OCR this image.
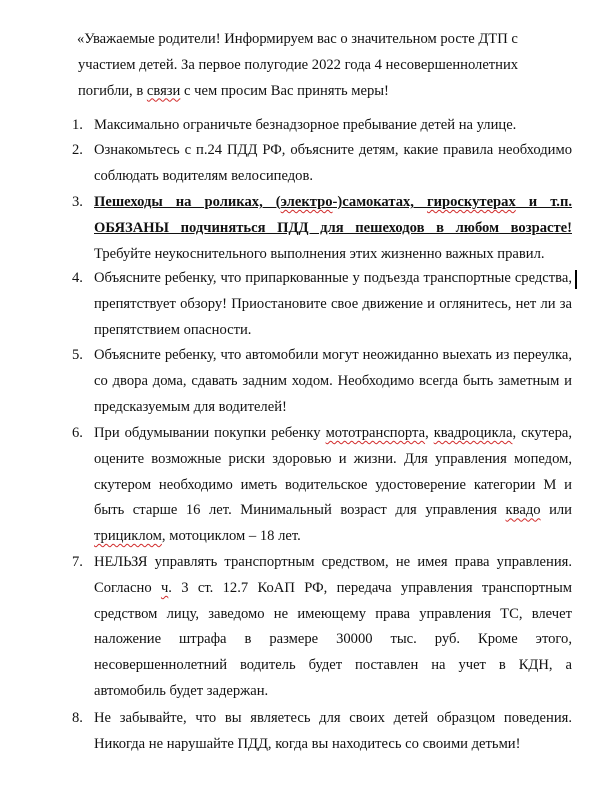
«Уважаемые родители! Информируем вас о значительном росте ДТП с
участием детей. За первое полугодие 2022 года 4 несовершеннолетних
погибли, в связи с чем просим Вас принять меры!
1. Максимально ограничьте безнадзорное пребывание детей на улице.
2. Ознакомьтесь с п.24 ПДД РФ, объясните детям, какие правила необходимо соблюдать водителям велосипедов.
3. Пешеходы на роликах, (электро-)самокатах, гироскутерах и т.п. ОБЯЗАНЫ подчиняться ПДД для пешеходов в любом возрасте! Требуйте неукоснительного выполнения этих жизненно важных правил.
4. Объясните ребенку, что припаркованные у подъезда транспортные средства, препятствует обзору! Приостановите свое движение и оглянитесь, нет ли за препятствием опасности.
5. Объясните ребенку, что автомобили могут неожиданно выехать из переулка, со двора дома, сдавать задним ходом. Необходимо всегда быть заметным и предсказуемым для водителей!
6. При обдумывании покупки ребенку мототранспорта, квадроцикла, скутера, оцените возможные риски здоровью и жизни. Для управления мопедом, скутером необходимо иметь водительское удостоверение категории М и быть старше 16 лет. Минимальный возраст для управления квадо или трициклом, мотоциклом – 18 лет.
7. НЕЛЬЗЯ управлять транспортным средством, не имея права управления. Согласно ч. 3 ст. 12.7 КоАП РФ, передача управления транспортным средством лицу, заведомо не имеющему права управления ТС, влечет наложение штрафа в размере 30000 тыс. руб. Кроме этого, несовершеннолетний водитель будет поставлен на учет в КДН, а автомобиль будет задержан.
8. Не забывайте, что вы являетесь для своих детей образцом поведения. Никогда не нарушайте ПДД, когда вы находитесь со своими детьми!
